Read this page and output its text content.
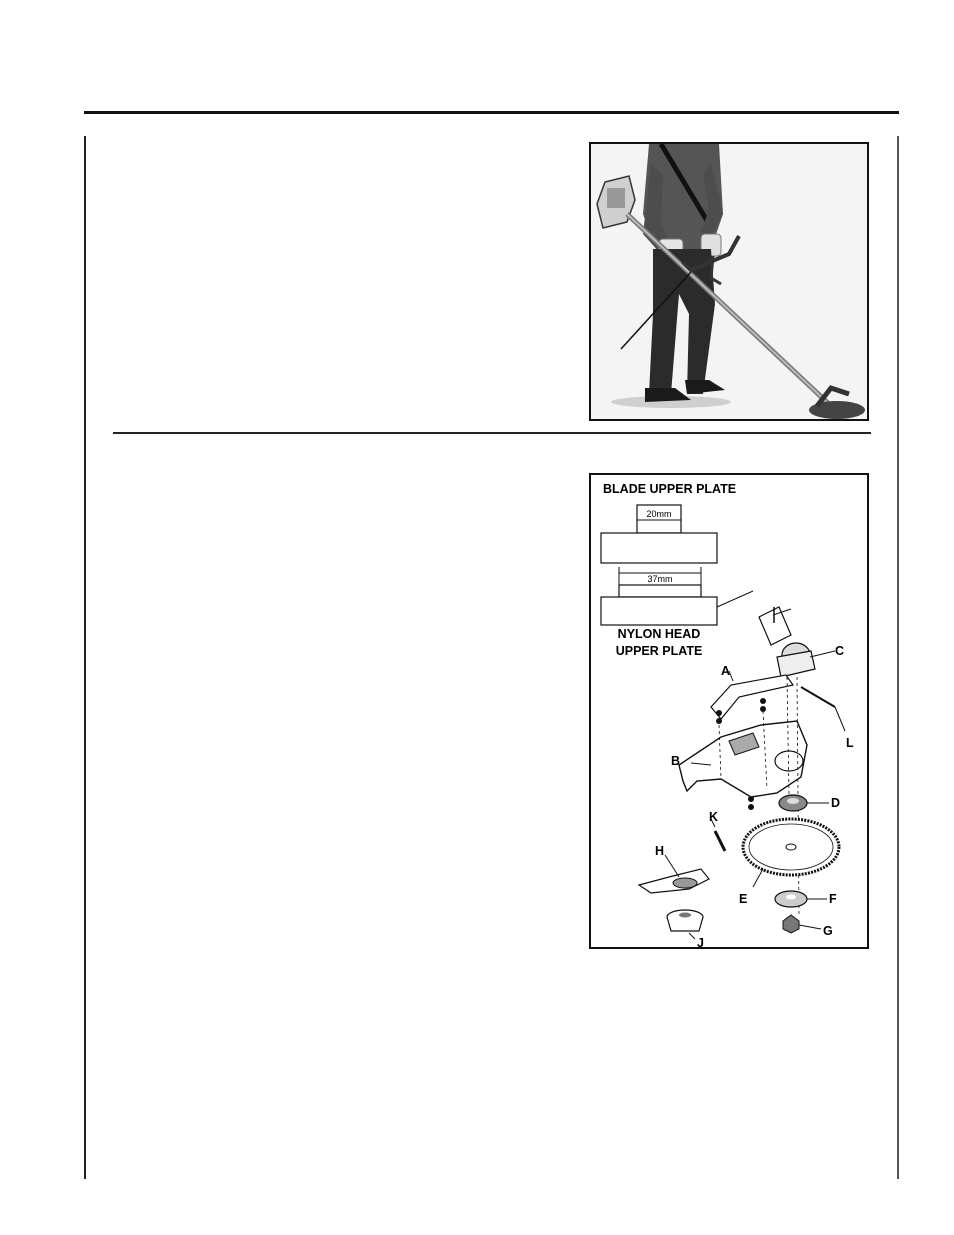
BLADE UPPER PLATE
20mm
37mm
NYLON HEAD
UPPER PLATE	C
A
L
B
D
K
E	F
G
H
J
